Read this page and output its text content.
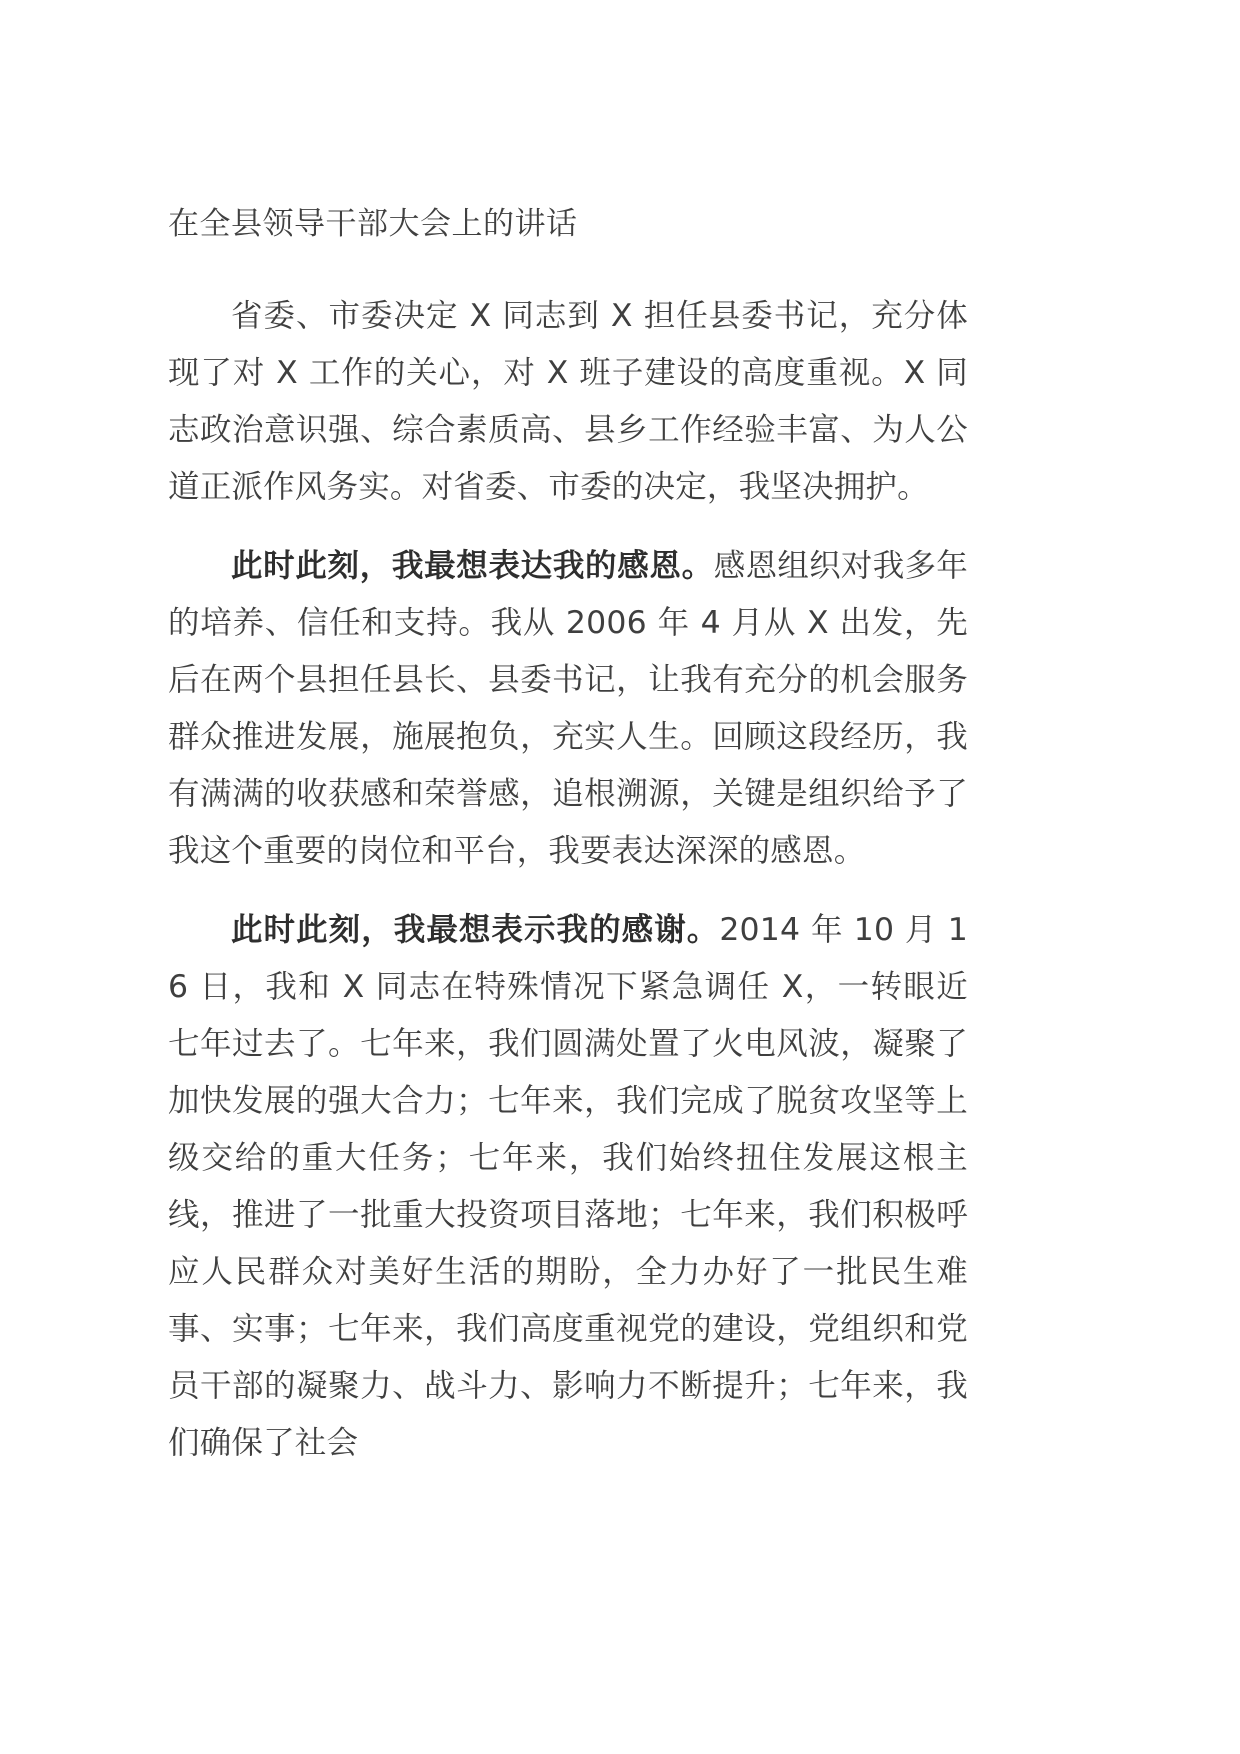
在全县领导干部大会上的讲话

省委、市委决定 X 同志到 X 担任县委书记，充分体现了对 X 工作的关心，对 X 班子建设的高度重视。X 同志政治意识强、综合素质高、县乡工作经验丰富、为人公道正派作风务实。对省委、市委的决定，我坚决拥护。

此时此刻，我最想表达我的感恩。感恩组织对我多年的培养、信任和支持。我从 2006 年 4 月从 X 出发，先后在两个县担任县长、县委书记，让我有充分的机会服务群众推进发展，施展抱负，充实人生。回顾这段经历，我有满满的收获感和荣誉感，追根溯源，关键是组织给予了我这个重要的岗位和平台，我要表达深深的感恩。

此时此刻，我最想表示我的感谢。2014 年 10 月 16 日，我和 X 同志在特殊情况下紧急调任 X，一转眼近七年过去了。七年来，我们圆满处置了火电风波，凝聚了加快发展的强大合力；七年来，我们完成了脱贫攻坚等上级交给的重大任务；七年来，我们始终扭住发展这根主线，推进了一批重大投资项目落地；七年来，我们积极呼应人民群众对美好生活的期盼，全力办好了一批民生难事、实事；七年来，我们高度重视党的建设，党组织和党员干部的凝聚力、战斗力、影响力不断提升；七年来，我们确保了社会
